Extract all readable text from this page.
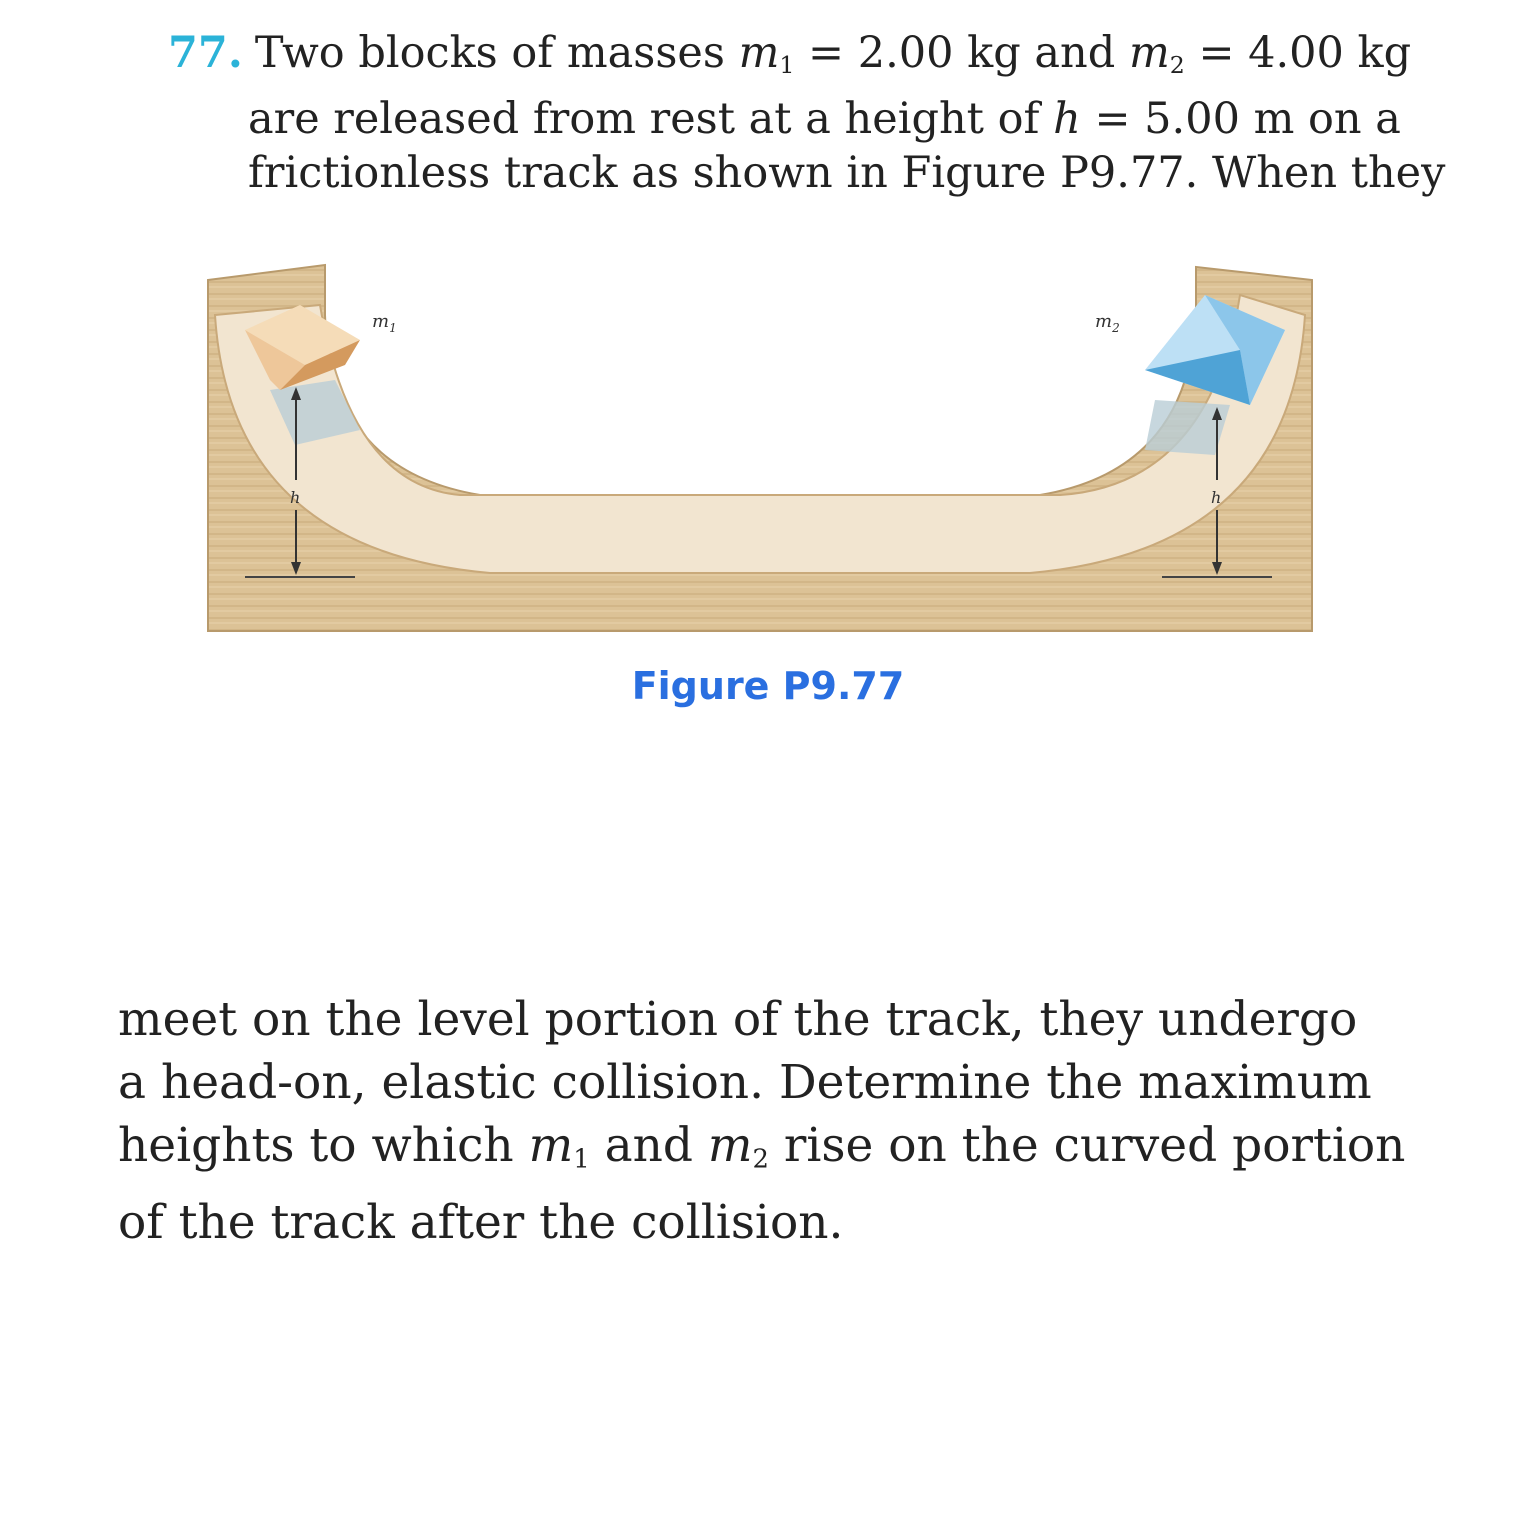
77. Two blocks of masses $m_1 = 2.00$ kg and $m_2 = 4.00$ kg
are released from rest at a height of h = 5.00 m on a
frictionless track as shown in Figure P9.77. When they
$m_1$	$m_2$
h	h
Figure P9.77
meet on the level portion of the track, they undergo
a head-on, elastic collision. Determine the maximum
heights to which $m_1$ and $m_2$ rise on the curved portion
of the track after the collision.
